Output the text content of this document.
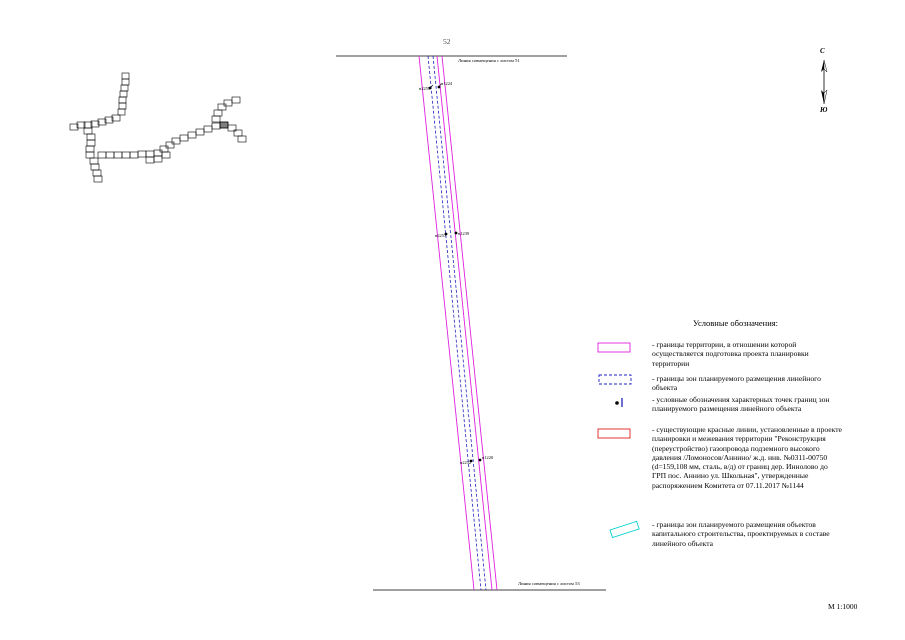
52
Линия совмещения с листом 51
Линия совмещения с листом 53
М 1:1000
С
Ю
н2255
н1224
н2257	н1239
н2252
н1220
Условные обозначения:
- границы территории, в отношении которой осуществляется подготовка проекта планировки территории
- границы зон планируемого размещения линейного объекта
- условные обозначения характерных точек границ зон планируемого размещения линейного объекта
- существующие красные линии, установленные в проекте планировки и межевания территории "Реконструкция (переустройство) газопровода подземного высокого давления /Ломоносов/Аннино/ ж.д. инв. №0311-00750 (d=159,108 мм, сталь, в/д) от границ дер. Иннолово до ГРП пос. Аннино ул. Школьная", утвержденные распоряжением Комитета от 07.11.2017 №1144
- границы зон планируемого размещения объектов капитального строительства, проектируемых в составе линейного объекта
